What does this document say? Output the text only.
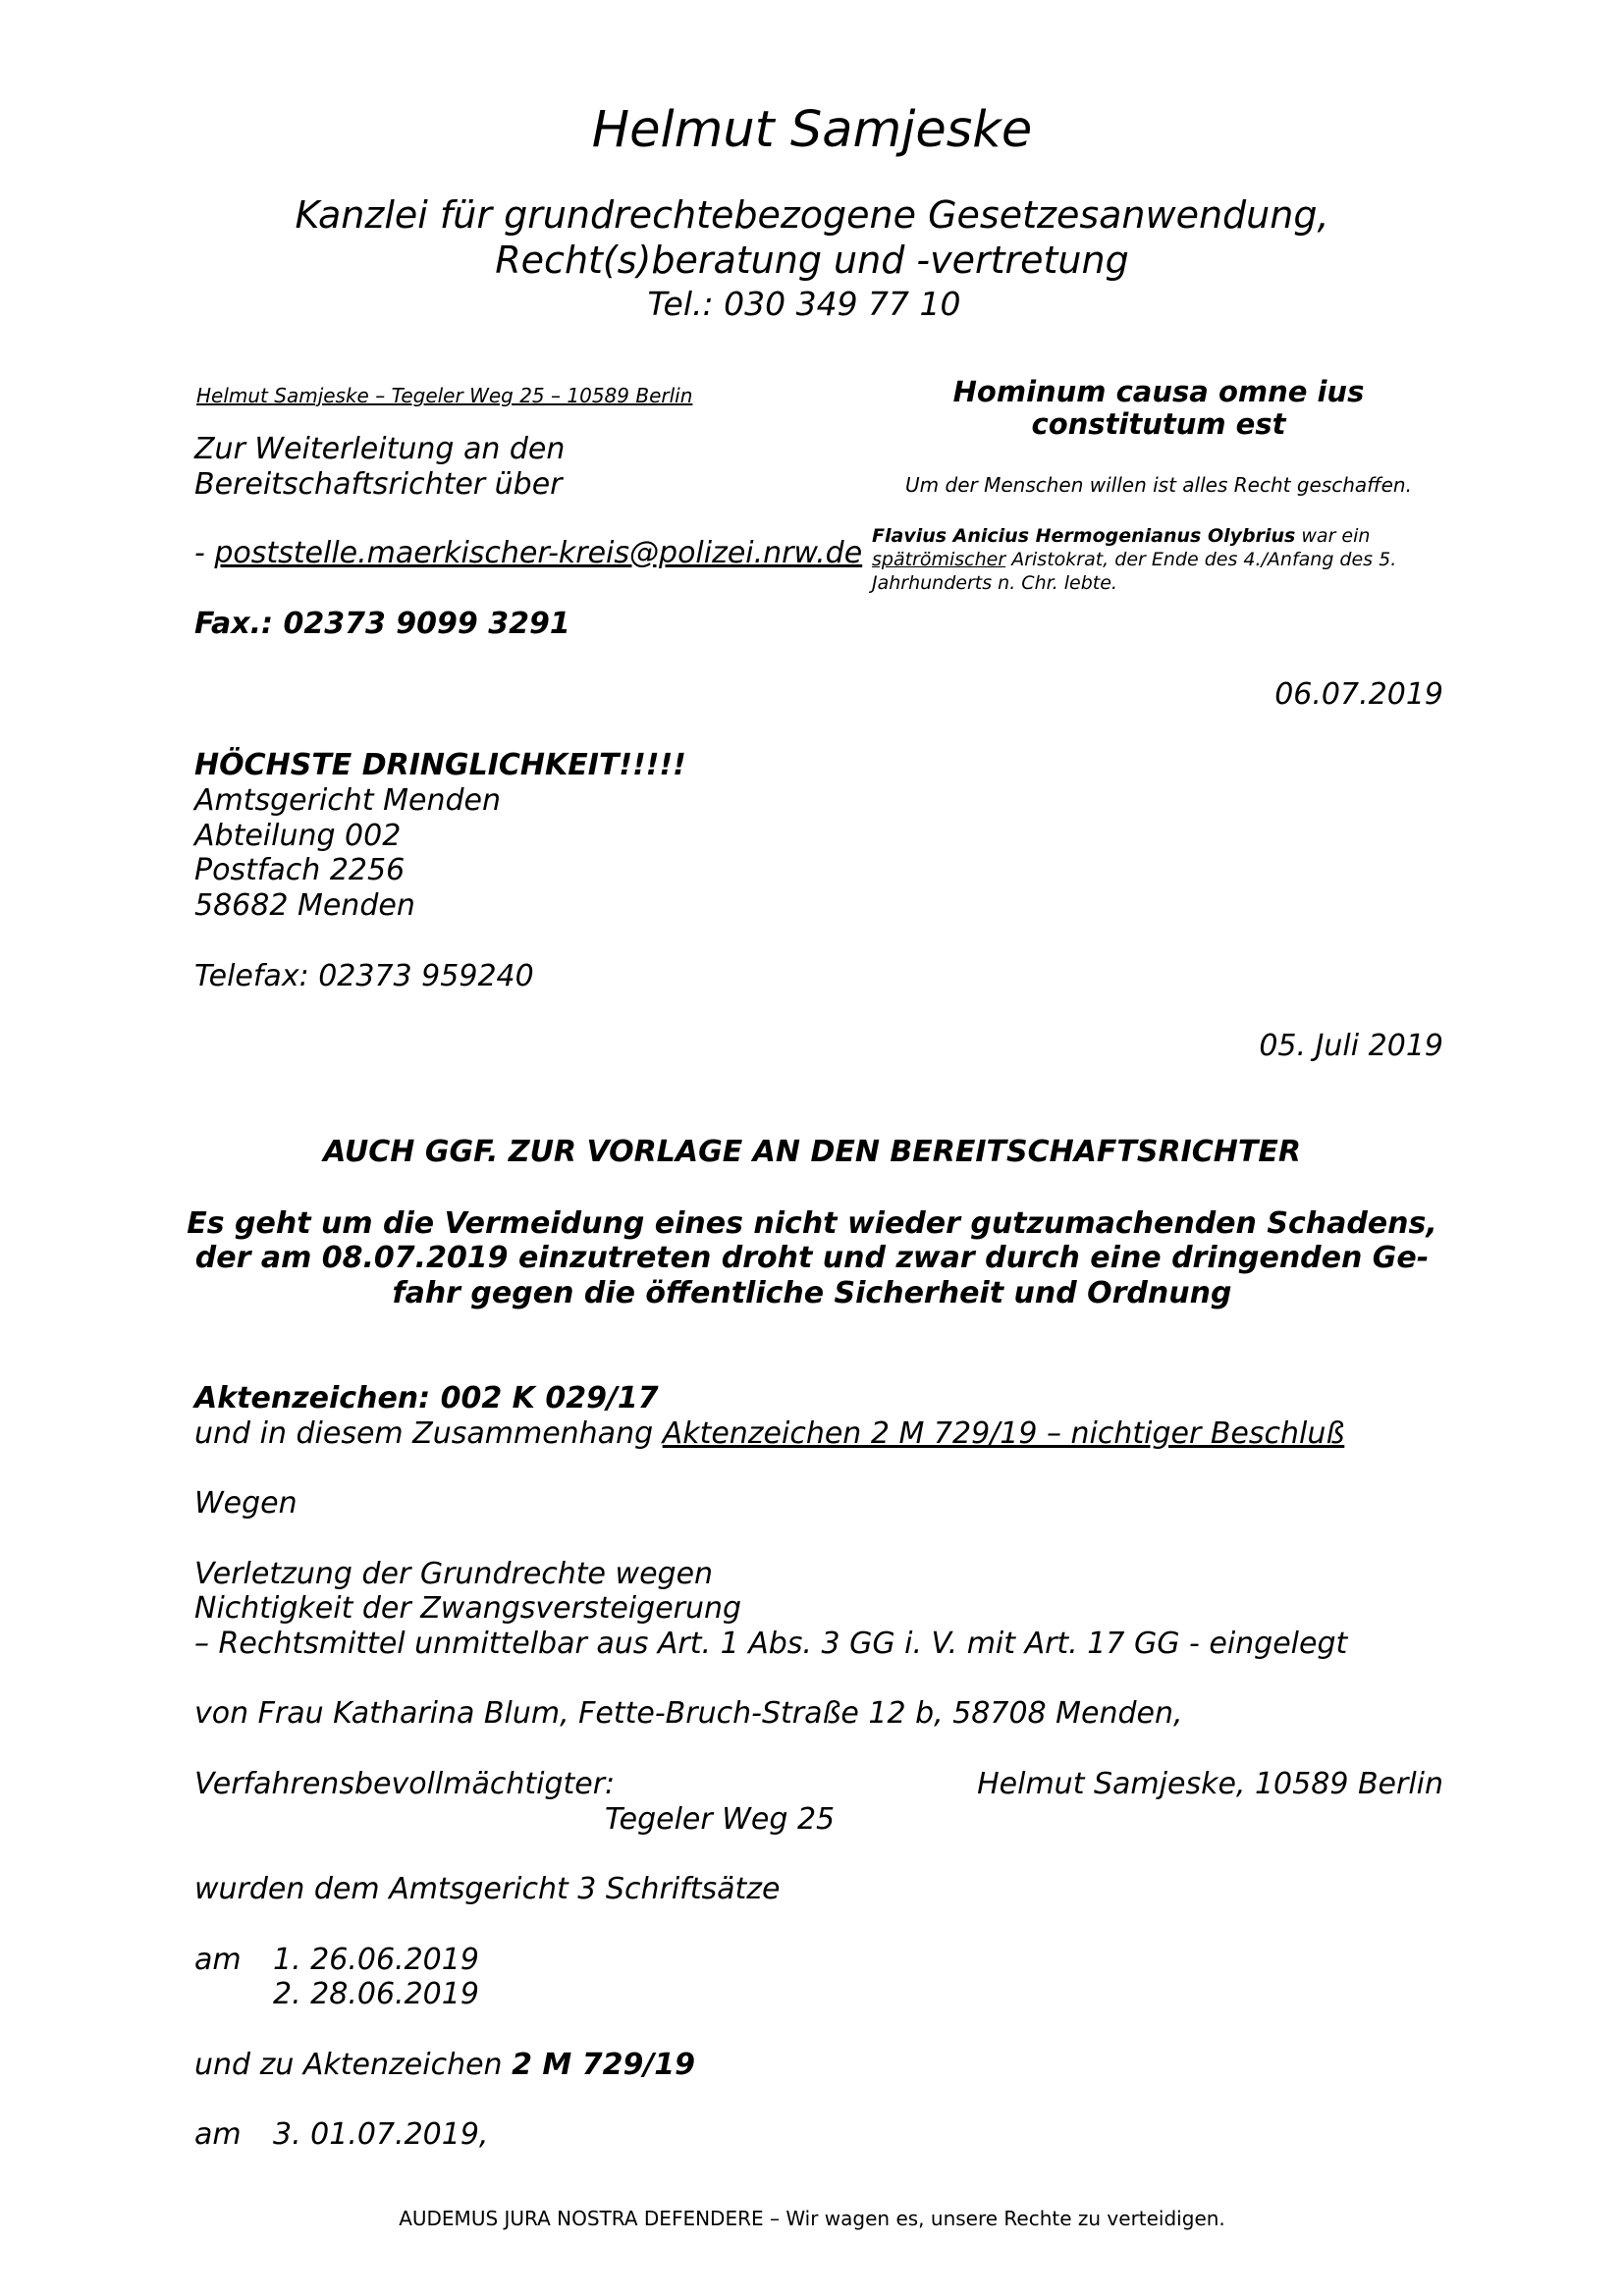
Helmut Samjeske
Kanzlei für grundrechtebezogene Gesetzesanwendung,
Recht(s)beratung und -vertretung
Tel.: 030 349 77 10
Helmut Samjeske – Tegeler Weg 25 – 10589 Berlin
Zur Weiterleitung an den
Bereitschaftsrichter über
- poststelle.maerkischer-kreis@polizei.nrw.de
Fax.: 02373 9099 3291
Hominum causa omne ius
constitutum est
Um der Menschen willen ist alles Recht geschaffen.
Flavius Anicius Hermogenianus Olybrius war ein spätrömischer Aristokrat, der Ende des 4./Anfang des 5. Jahrhunderts n. Chr. lebte.
06.07.2019
HÖCHSTE DRINGLICHKEIT!!!!!
Amtsgericht Menden
Abteilung 002
Postfach 2256
58682 Menden
Telefax: 02373 959240
05. Juli 2019
AUCH GGF. ZUR VORLAGE AN DEN BEREITSCHAFTSRICHTER
Es geht um die Vermeidung eines nicht wieder gutzumachenden Schadens,
der am 08.07.2019 einzutreten droht und zwar durch eine dringenden Ge-
fahr gegen die öffentliche Sicherheit und Ordnung
Aktenzeichen: 002 K 029/17
und in diesem Zusammenhang Aktenzeichen 2 M 729/19 – nichtiger Beschluß
Wegen
Verletzung der Grundrechte wegen
Nichtigkeit der Zwangsversteigerung
– Rechtsmittel unmittelbar aus Art. 1 Abs. 3 GG i. V. mit Art. 17 GG - eingelegt
von Frau Katharina Blum, Fette-Bruch-Straße 12 b, 58708 Menden,
Verfahrensbevollmächtigter:	Helmut Samjeske, 10589 Berlin
Tegeler Weg 25
wurden dem Amtsgericht 3 Schriftsätze
am 1. 26.06.2019
2. 28.06.2019
und zu Aktenzeichen 2 M 729/19
am 3. 01.07.2019,
AUDEMUS JURA NOSTRA DEFENDERE – Wir wagen es, unsere Rechte zu verteidigen.
